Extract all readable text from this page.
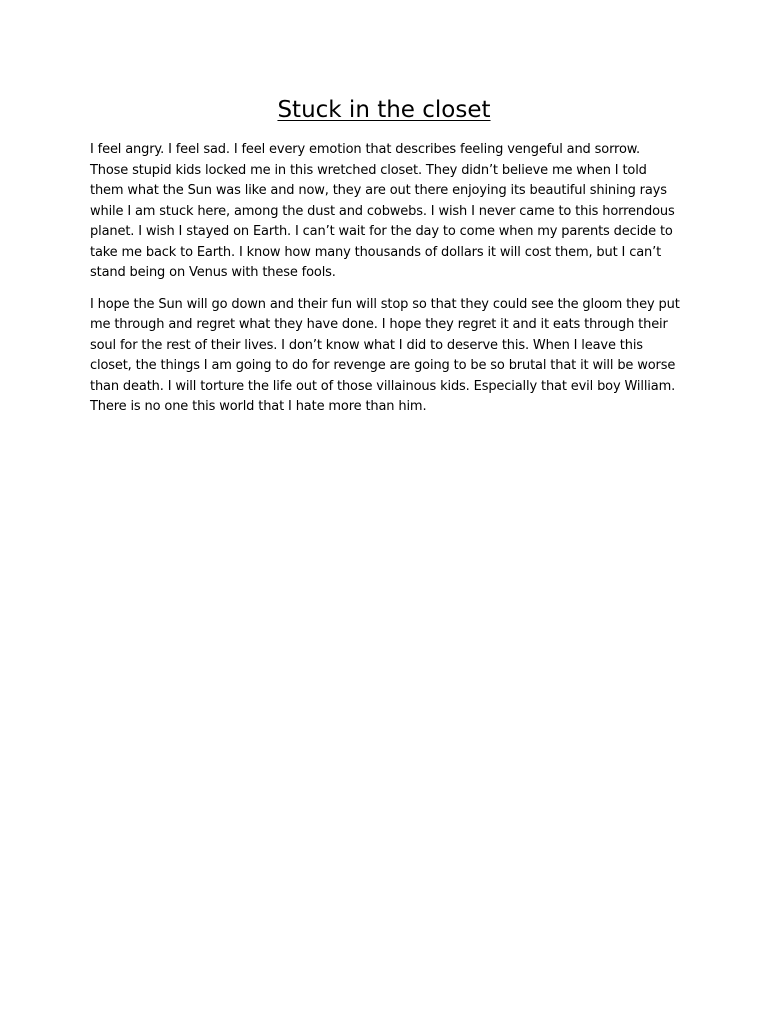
Stuck in the closet

I feel angry. I feel sad. I feel every emotion that describes feeling vengeful and sorrow. Those stupid kids locked me in this wretched closet. They didn’t believe me when I told them what the Sun was like and now, they are out there enjoying its beautiful shining rays while I am stuck here, among the dust and cobwebs. I wish I never came to this horrendous planet. I wish I stayed on Earth. I can’t wait for the day to come when my parents decide to take me back to Earth. I know how many thousands of dollars it will cost them, but I can’t stand being on Venus with these fools.

I hope the Sun will go down and their fun will stop so that they could see the gloom they put me through and regret what they have done. I hope they regret it and it eats through their soul for the rest of their lives. I don’t know what I did to deserve this. When I leave this closet, the things I am going to do for revenge are going to be so brutal that it will be worse than death. I will torture the life out of those villainous kids. Especially that evil boy William. There is no one this world that I hate more than him.
